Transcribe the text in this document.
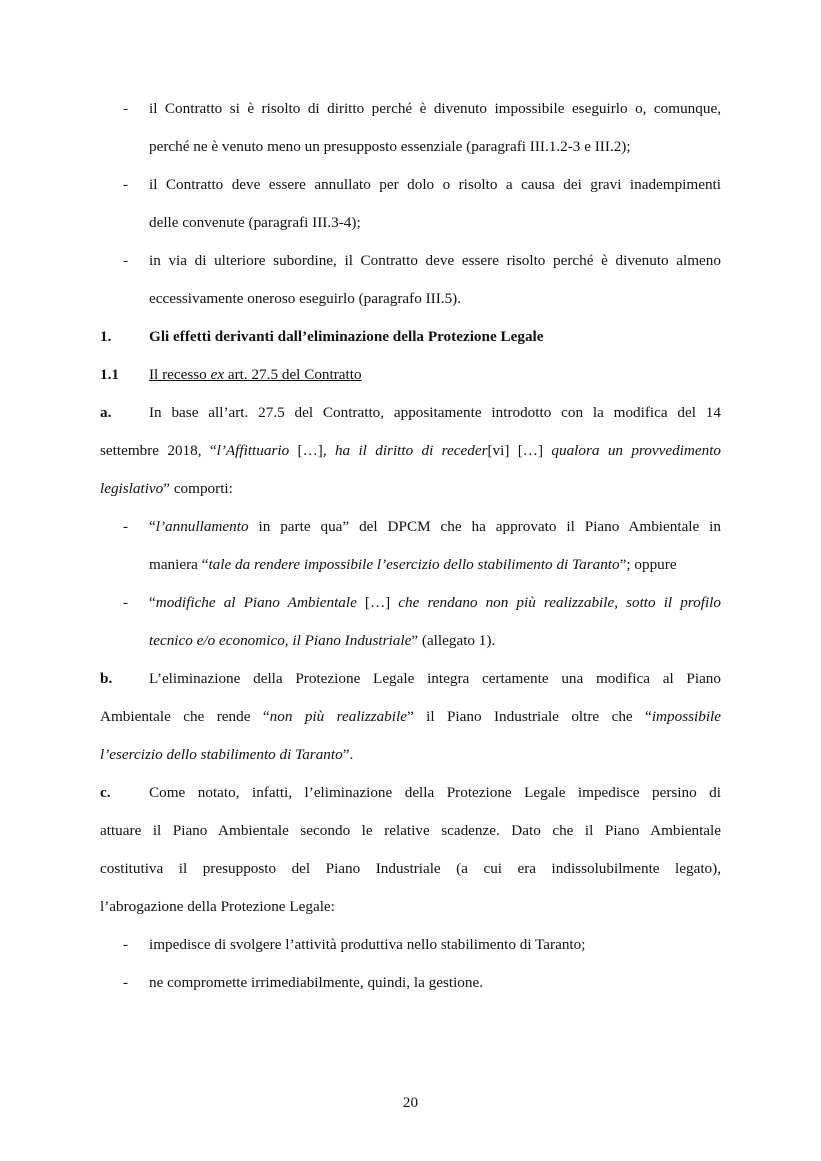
- il Contratto si è risolto di diritto perché è divenuto impossibile eseguirlo o, comunque,
perché ne è venuto meno un presupposto essenziale (paragrafi III.1.2-3 e III.2);
- il Contratto deve essere annullato per dolo o risolto a causa dei gravi inadempimenti
delle convenute (paragrafi III.3-4);
- in via di ulteriore subordine, il Contratto deve essere risolto perché è divenuto almeno
eccessivamente oneroso eseguirlo (paragrafo III.5).
1. Gli effetti derivanti dall’eliminazione della Protezione Legale
1.1 Il recesso ex art. 27.5 del Contratto
a. In base all’art. 27.5 del Contratto, appositamente introdotto con la modifica del 14
settembre 2018, “l’Affittuario […], ha il diritto di receder[vi] […] qualora un provvedimento
legislativo” comporti:
- “l’annullamento in parte qua” del DPCM che ha approvato il Piano Ambientale in
maniera “tale da rendere impossibile l’esercizio dello stabilimento di Taranto”; oppure
- “modifiche al Piano Ambientale […] che rendano non più realizzabile, sotto il profilo
tecnico e/o economico, il Piano Industriale” (allegato 1).
b. L’eliminazione della Protezione Legale integra certamente una modifica al Piano
Ambientale che rende “non più realizzabile” il Piano Industriale oltre che “impossibile
l’esercizio dello stabilimento di Taranto”.
c.	Come notato, infatti, l’eliminazione della Protezione Legale impedisce persino di
attuare il Piano Ambientale secondo le relative scadenze. Dato che il Piano Ambientale
costitutiva il presupposto del Piano Industriale (a cui era indissolubilmente legato),
l’abrogazione della Protezione Legale:
- impedisce di svolgere l’attività produttiva nello stabilimento di Taranto;
- ne compromette irrimediabilmente, quindi, la gestione.
20
